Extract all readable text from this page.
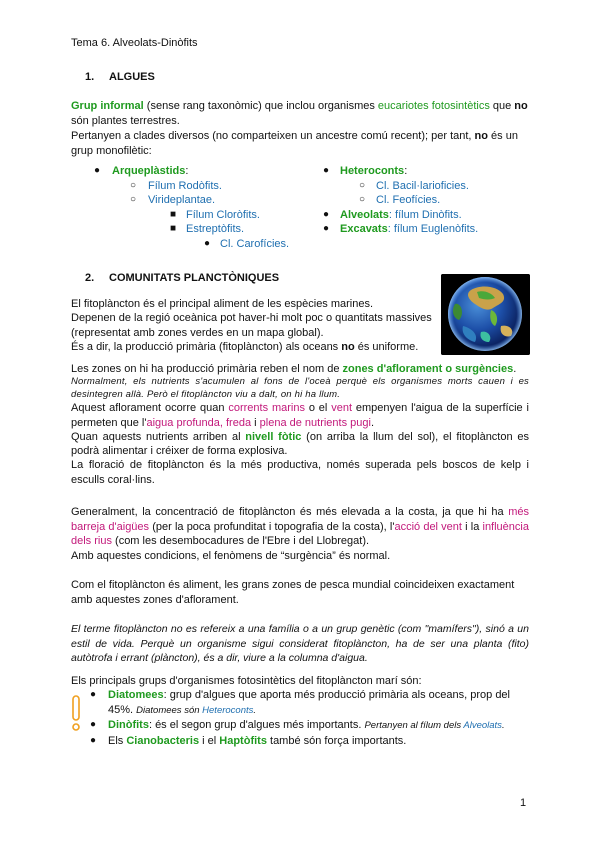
Tema 6. Alveolats-Dinòfits
1. ALGUES
Grup informal (sense rang taxonòmic) que inclou organismes eucariotes fotosintètics que no són plantes terrestres.
Pertanyen a clades diversos (no comparteixen un ancestre comú recent); per tant, no és un grup monofilètic:
● Arqueplàstids:
○ Fílum Rodòfits.
○ Virideplantae.
■ Fílum Cloròfits.
■ Estreptòfits.
● Cl. Carofícies.
● Heteroconts:
○ Cl. Bacil·larioficies.
○ Cl. Feofícies.
● Alveolats: fílum Dinòfits.
● Excavats: fílum Euglenòfits.
2. COMUNITATS PLANCTÒNIQUES
El fitoplàncton és el principal aliment de les espècies marines.
Depenen de la regió oceànica pot haver-hi molt poc o quantitats massives
(representat amb zones verdes en un mapa global).
És a dir, la producció primària (fitoplàncton) als oceans no és uniforme.
Les zones on hi ha producció primària reben el nom de zones d'aflorament o surgències.
Normalment, els nutrients s'acumulen al fons de l'oceà perquè els organismes morts cauen i es desintegren allà. Però el fitoplàncton viu a dalt, on hi ha llum.
Aquest aflorament ocorre quan corrents marins o el vent empenyen l'aigua de la superfície i permeten que l'aigua profunda, freda i plena de nutrients pugi.
Quan aquests nutrients arriben al nivell fòtic (on arriba la llum del sol), el fitoplàncton es podrà alimentar i créixer de forma explosiva.
La floració de fitoplàncton és la més productiva, només superada pels boscos de kelp i esculls coral·lins.
Generalment, la concentració de fitoplàncton és més elevada a la costa, ja que hi ha més barreja d'aigües (per la poca profunditat i topografia de la costa), l'acció del vent i la influència dels rius (com les desembocadures de l'Ebre i del Llobregat).
Amb aquestes condicions, el fenòmens de “surgència” és normal.
Com el fitoplàncton és aliment, les grans zones de pesca mundial coincideixen exactament amb aquestes zones d'aflorament.
El terme fitoplàncton no es refereix a una família o a un grup genètic (com "mamífers"), sinó a un estil de vida. Perquè un organisme sigui considerat fitoplàncton, ha de ser una planta (fito) autòtrofa i errant (plàncton), és a dir, viure a la columna d'aigua.
Els principals grups d'organismes fotosintètics del fitoplàncton marí són:
● Diatomees: grup d'algues que aporta més producció primària als oceans, prop del 45%. Diatomees són Heteroconts.
● Dinòfits: és el segon grup d'algues més importants. Pertanyen al fílum dels Alveolats.
● Els Cianobacteris i el Haptòfits també són força importants.
1
